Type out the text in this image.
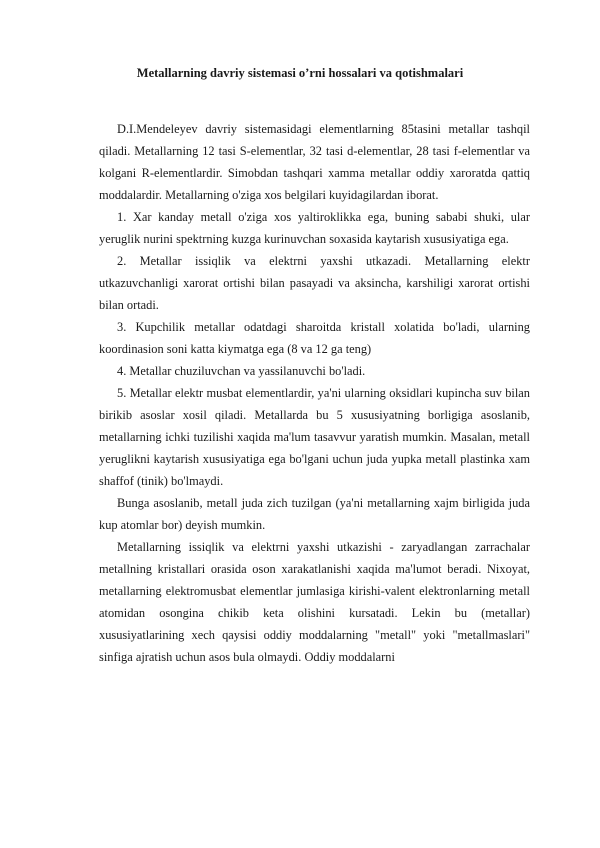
Metallarning davriy sistemasi o’rni hossalari va qotishmalari

D.I.Mendeleyev davriy sistemasidagi elementlarning 85tasini metallar tashqil qiladi. Metallarning 12 tasi S-elementlar, 32 tasi d-elementlar, 28 tasi f-elementlar va kolgani R-elementlardir. Simobdan tashqari xamma metallar oddiy xaroratda qattiq moddalardir. Metallarning o'ziga xos belgilari kuyidagilardan iborat.

1. Xar kanday metall o'ziga xos yaltiroklikka ega, buning sababi shuki, ular yeruglik nurini spektrning kuzga kurinuvchan soxasida kaytarish xususiyatiga ega.

2. Metallar issiqlik va elektrni yaxshi utkazadi. Metallarning elektr utkazuvchanligi xarorat ortishi bilan pasayadi va aksincha, karshiligi xarorat ortishi bilan ortadi.

3. Kupchilik metallar odatdagi sharoitda kristall xolatida bo'ladi, ularning koordinasion soni katta kiymatga ega (8 va 12 ga teng)

4. Metallar chuziluvchan va yassilanuvchi bo'ladi.

5. Metallar elektr musbat elementlardir, ya'ni ularning oksidlari kupincha suv bilan birikib asoslar xosil qiladi. Metallarda bu 5 xususiyatning borligiga asoslanib, metallarning ichki tuzilishi xaqida ma'lum tasavvur yaratish mumkin. Masalan, metall yeruglikni kaytarish xususiyatiga ega bo'lgani uchun juda yupka metall plastinka xam shaffof (tinik) bo'lmaydi.

Bunga asoslanib, metall juda zich tuzilgan (ya'ni metallarning xajm birligida juda kup atomlar bor) deyish mumkin.

Metallarning issiqlik va elektrni yaxshi utkazishi - zaryadlangan zarrachalar metallning kristallari orasida oson xarakatlanishi xaqida ma'lumot beradi. Nixoyat, metallarning elektromusbat elementlar jumlasiga kirishi-valent elektronlarning metall atomidan osongina chikib keta olishini kursatadi. Lekin bu (metallar) xususiyatlarining xech qaysisi oddiy moddalarning "metall" yoki "metallmaslari" sinfiga ajratish uchun asos bula olmaydi. Oddiy moddalarni
